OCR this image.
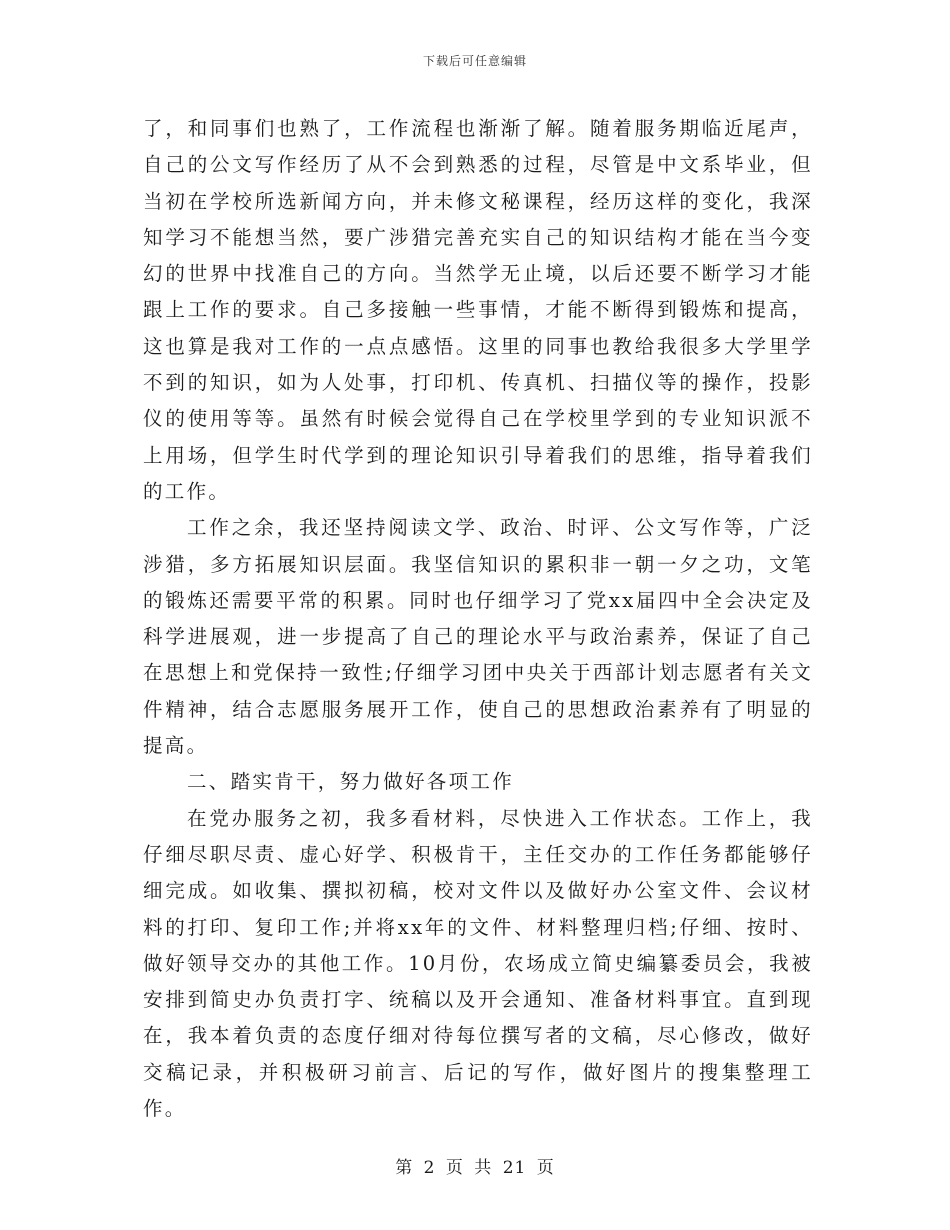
下载后可任意编辑

了，和同事们也熟了，工作流程也渐渐了解。随着服务期临近尾声，自己的公文写作经历了从不会到熟悉的过程，尽管是中文系毕业，但当初在学校所选新闻方向，并未修文秘课程，经历这样的变化，我深知学习不能想当然，要广涉猎完善充实自己的知识结构才能在当今变幻的世界中找准自己的方向。当然学无止境，以后还要不断学习才能跟上工作的要求。自己多接触一些事情，才能不断得到锻炼和提高，这也算是我对工作的一点点感悟。这里的同事也教给我很多大学里学不到的知识，如为人处事，打印机、传真机、扫描仪等的操作，投影仪的使用等等。虽然有时候会觉得自己在学校里学到的专业知识派不上用场，但学生时代学到的理论知识引导着我们的思维，指导着我们的工作。

工作之余，我还坚持阅读文学、政治、时评、公文写作等，广泛涉猎，多方拓展知识层面。我坚信知识的累积非一朝一夕之功，文笔的锻炼还需要平常的积累。同时也仔细学习了党xx届四中全会决定及科学进展观，进一步提高了自己的理论水平与政治素养，保证了自己在思想上和党保持一致性;仔细学习团中央关于西部计划志愿者有关文件精神，结合志愿服务展开工作，使自己的思想政治素养有了明显的提高。

二、踏实肯干，努力做好各项工作

在党办服务之初，我多看材料，尽快进入工作状态。工作上，我仔细尽职尽责、虚心好学、积极肯干，主任交办的工作任务都能够仔细完成。如收集、撰拟初稿，校对文件以及做好办公室文件、会议材料的打印、复印工作;并将xx年的文件、材料整理归档;仔细、按时、做好领导交办的其他工作。10月份，农场成立简史编纂委员会，我被安排到简史办负责打字、统稿以及开会通知、准备材料事宜。直到现在，我本着负责的态度仔细对待每位撰写者的文稿，尽心修改，做好交稿记录，并积极研习前言、后记的写作，做好图片的搜集整理工作。

第 2 页 共 21 页
